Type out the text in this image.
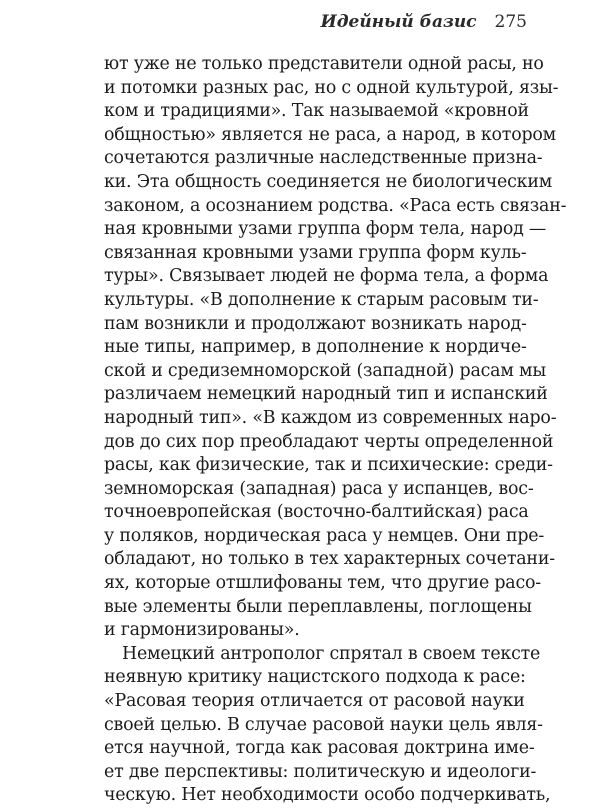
Идейный базис 275
ют уже не только представители одной расы, но
и потомки разных рас, но с одной культурой, язы-
ком и традициями». Так называемой «кровной
общностью» является не раса, а народ, в котором
сочетаются различные наследственные призна-
ки. Эта общность соединяется не биологическим
законом, а осознанием родства. «Раса есть связан-
ная кровными узами группа форм тела, народ —
связанная кровными узами группа форм куль-
туры». Связывает людей не форма тела, а форма
культуры. «В дополнение к старым расовым ти-
пам возникли и продолжают возникать народ-
ные типы, например, в дополнение к нордиче-
ской и средиземноморской (западной) расам мы
различаем немецкий народный тип и испанский
народный тип». «В каждом из современных наро-
дов до сих пор преобладают черты определенной
расы, как физические, так и психические: среди-
земноморская (западная) раса у испанцев, вос-
точноевропейская (восточно-балтийская) раса
у поляков, нордическая раса у немцев. Они пре-
обладают, но только в тех характерных сочетани-
ях, которые отшлифованы тем, что другие расо-
вые элементы были переплавлены, поглощены
и гармонизированы».
Немецкий антрополог спрятал в своем тексте
неявную критику нацистского подхода к расе:
«Расовая теория отличается от расовой науки
своей целью. В случае расовой науки цель явля-
ется научной, тогда как расовая доктрина име-
ет две перспективы: политическую и идеологи-
ческую. Нет необходимости особо подчеркивать,
